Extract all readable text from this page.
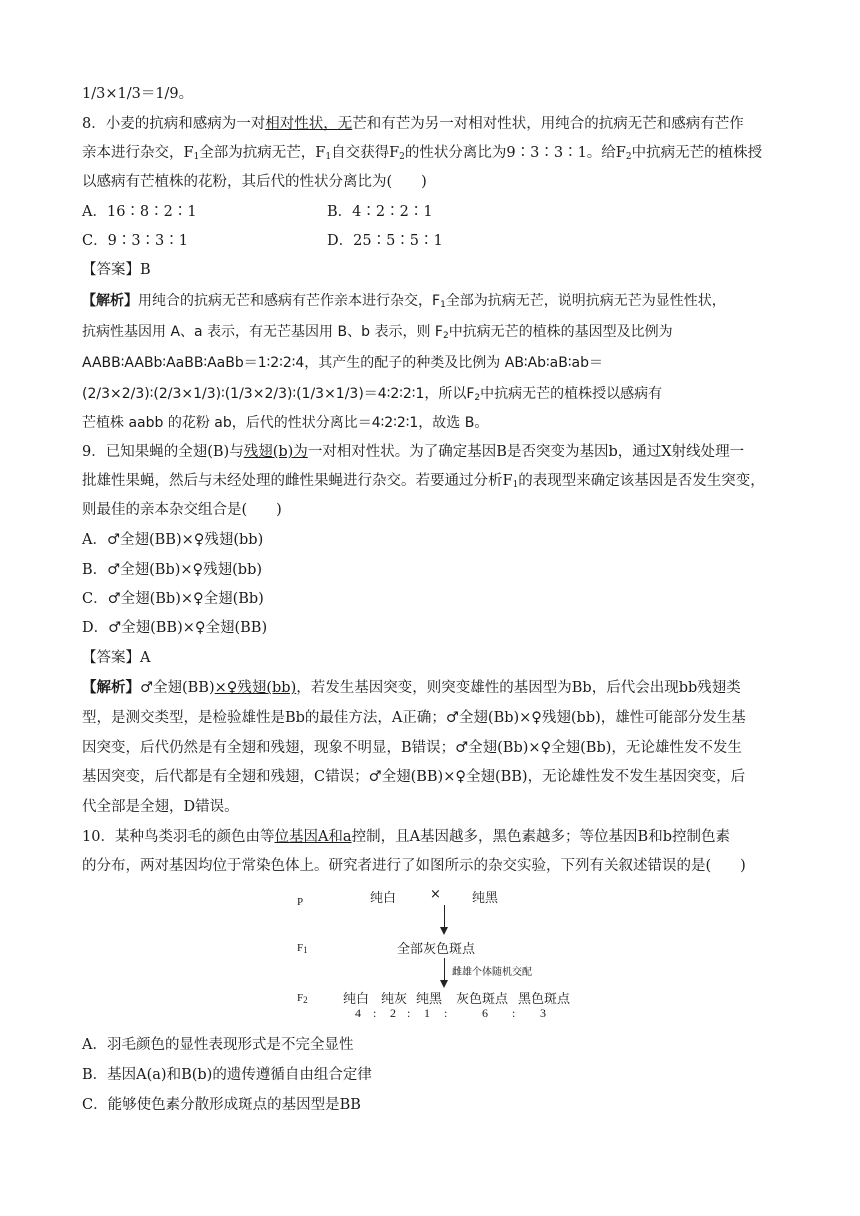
1/3×1/3＝1/9。
8．小麦的抗病和感病为一对相对性状，无芒和有芒为另一对相对性状，用纯合的抗病无芒和感病有芒作
亲本进行杂交，$F_1$全部为抗病无芒，$F_1$自交获得$F_2$的性状分离比为9∶3∶3∶1。给$F_2$中抗病无芒的植株授
以感病有芒植株的花粉，其后代的性状分离比为(　　)
A．16∶8∶2∶1	B．4∶2∶2∶1
C．9∶3∶3∶1	D．25∶5∶5∶1
【答案】B
【解析】用纯合的抗病无芒和感病有芒作亲本进行杂交，$F_1$全部为抗病无芒，说明抗病无芒为显性性状，
抗病性基因用 A、a 表示，有无芒基因用 B、b 表示，则 $F_2$中抗病无芒的植株的基因型及比例为
AABB∶AABb∶AaBB∶AaBb＝1∶2∶2∶4，其产生的配子的种类及比例为 AB∶Ab∶aB∶ab＝
(2/3×2/3)∶(2/3×1/3)∶(1/3×2/3)∶(1/3×1/3)＝4∶2∶2∶1，所以$F_2$中抗病无芒的植株授以感病有
芒植株 aabb 的花粉 ab，后代的性状分离比＝4∶2∶2∶1，故选 B。
9．已知果蝇的全翅(B)与残翅(b)为一对相对性状。为了确定基因B是否突变为基因b，通过X射线处理一
批雄性果蝇，然后与未经处理的雌性果蝇进行杂交。若要通过分析$F_1$的表现型来确定该基因是否发生突变，
则最佳的亲本杂交组合是(　　)
A．♂全翅(BB)×♀残翅(bb)
B．♂全翅(Bb)×♀残翅(bb)
C．♂全翅(Bb)×♀全翅(Bb)
D．♂全翅(BB)×♀全翅(BB)
【答案】A
【解析】♂全翅(BB)×♀残翅(bb)，若发生基因突变，则突变雄性的基因型为Bb，后代会出现bb残翅类
型，是测交类型，是检验雄性是Bb的最佳方法，A正确；♂全翅(Bb)×♀残翅(bb)，雄性可能部分发生基
因突变，后代仍然是有全翅和残翅，现象不明显，B错误；♂全翅(Bb)×♀全翅(Bb)，无论雄性发不发生
基因突变，后代都是有全翅和残翅，C错误；♂全翅(BB)×♀全翅(BB)，无论雄性发不发生基因突变，后
代全部是全翅，D错误。
10．某种鸟类羽毛的颜色由等位基因A和a控制，且A基因越多，黑色素越多；等位基因B和b控制色素
的分布，两对基因均位于常染色体上。研究者进行了如图所示的杂交实验，下列有关叙述错误的是(　　)
P
$F_1$
$F_2$
纯白	× 纯黑
全部灰色斑点
雌雄个体随机交配
纯白 纯灰 纯黑 灰色斑点 黑色斑点
4 : 2 : 1 :	6 : 3
A．羽毛颜色的显性表现形式是不完全显性
B．基因A(a)和B(b)的遗传遵循自由组合定律
C．能够使色素分散形成斑点的基因型是BB
